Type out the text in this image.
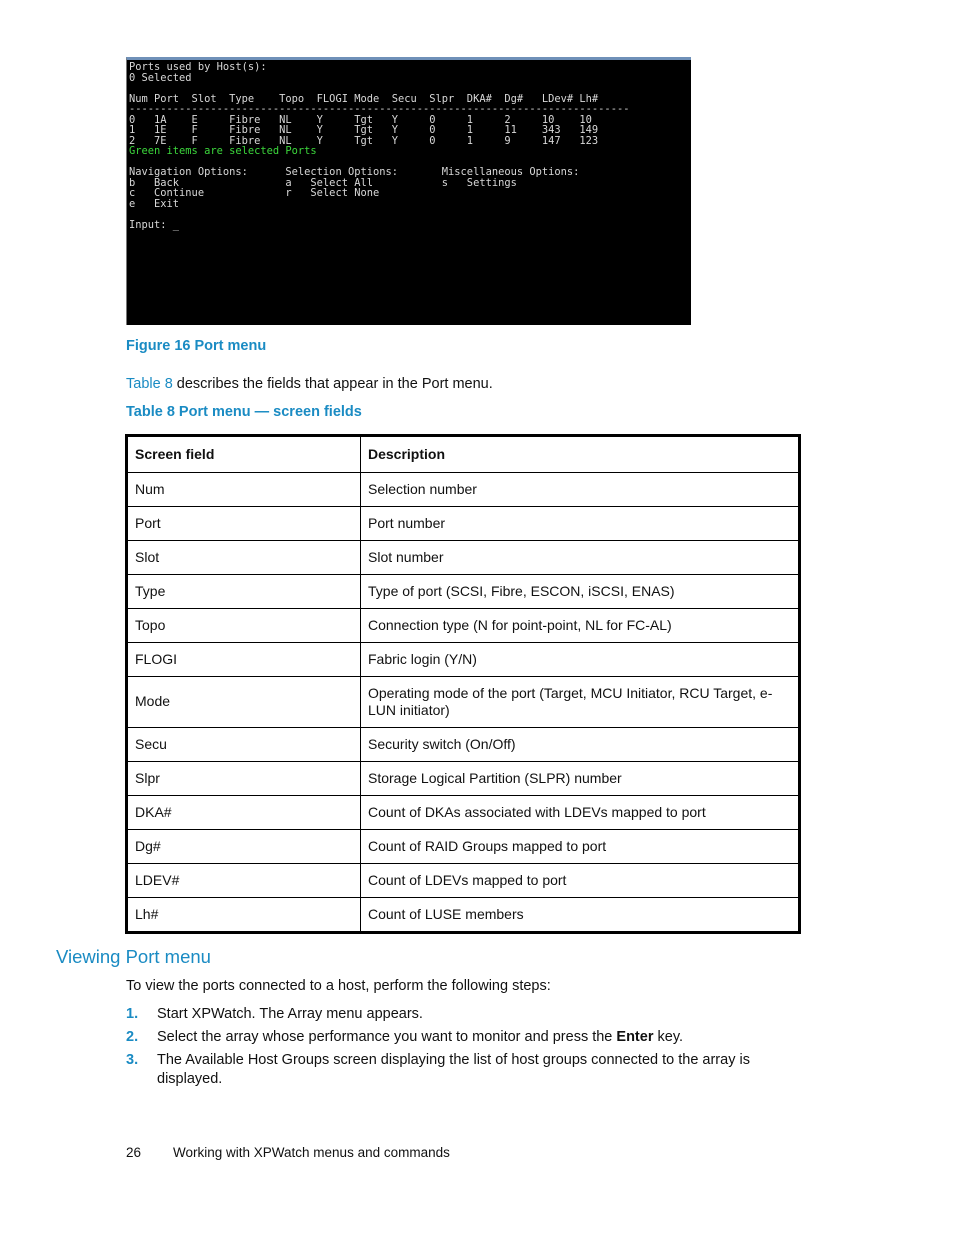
Ports used by Host(s):
0 Selected

Num Port  Slot  Type    Topo  FLOGI Mode  Secu  Slpr  DKA#  Dg#   LDev# Lh#
--------------------------------------------------------------------------------
0   1A    E     Fibre   NL    Y     Tgt   Y     0     1     2     10    10
1   1E    F     Fibre   NL    Y     Tgt   Y     0     1     11    343   149
2   7E    F     Fibre   NL    Y     Tgt   Y     0     1     9     147   123
Green items are selected Ports

Navigation Options:      Selection Options:       Miscellaneous Options:
b   Back                 a   Select All           s   Settings
c   Continue             r   Select None
e   Exit

Input: _

Figure 16 Port menu
Table 8 describes the fields that appear in the Port menu.
Table 8 Port menu — screen fields
Screen field	Description
Num	Selection number
Port	Port number
Slot	Slot number
Type	Type of port (SCSI, Fibre, ESCON, iSCSI, ENAS)
Topo	Connection type (N for point-point, NL for FC-AL)
FLOGI	Fabric login (Y/N)
Mode	Operating mode of the port (Target, MCU Initiator, RCU Target, e-LUN initiator)
Secu	Security switch (On/Off)
Slpr	Storage Logical Partition (SLPR) number
DKA#	Count of DKAs associated with LDEVs mapped to port
Dg#	Count of RAID Groups mapped to port
LDEV#	Count of LDEVs mapped to port
Lh#	Count of LUSE members
Viewing Port menu
To view the ports connected to a host, perform the following steps:
1. Start XPWatch. The Array menu appears.
2. Select the array whose performance you want to monitor and press the Enter key.
3. The Available Host Groups screen displaying the list of host groups connected to the array is displayed.
26 Working with XPWatch menus and commands
